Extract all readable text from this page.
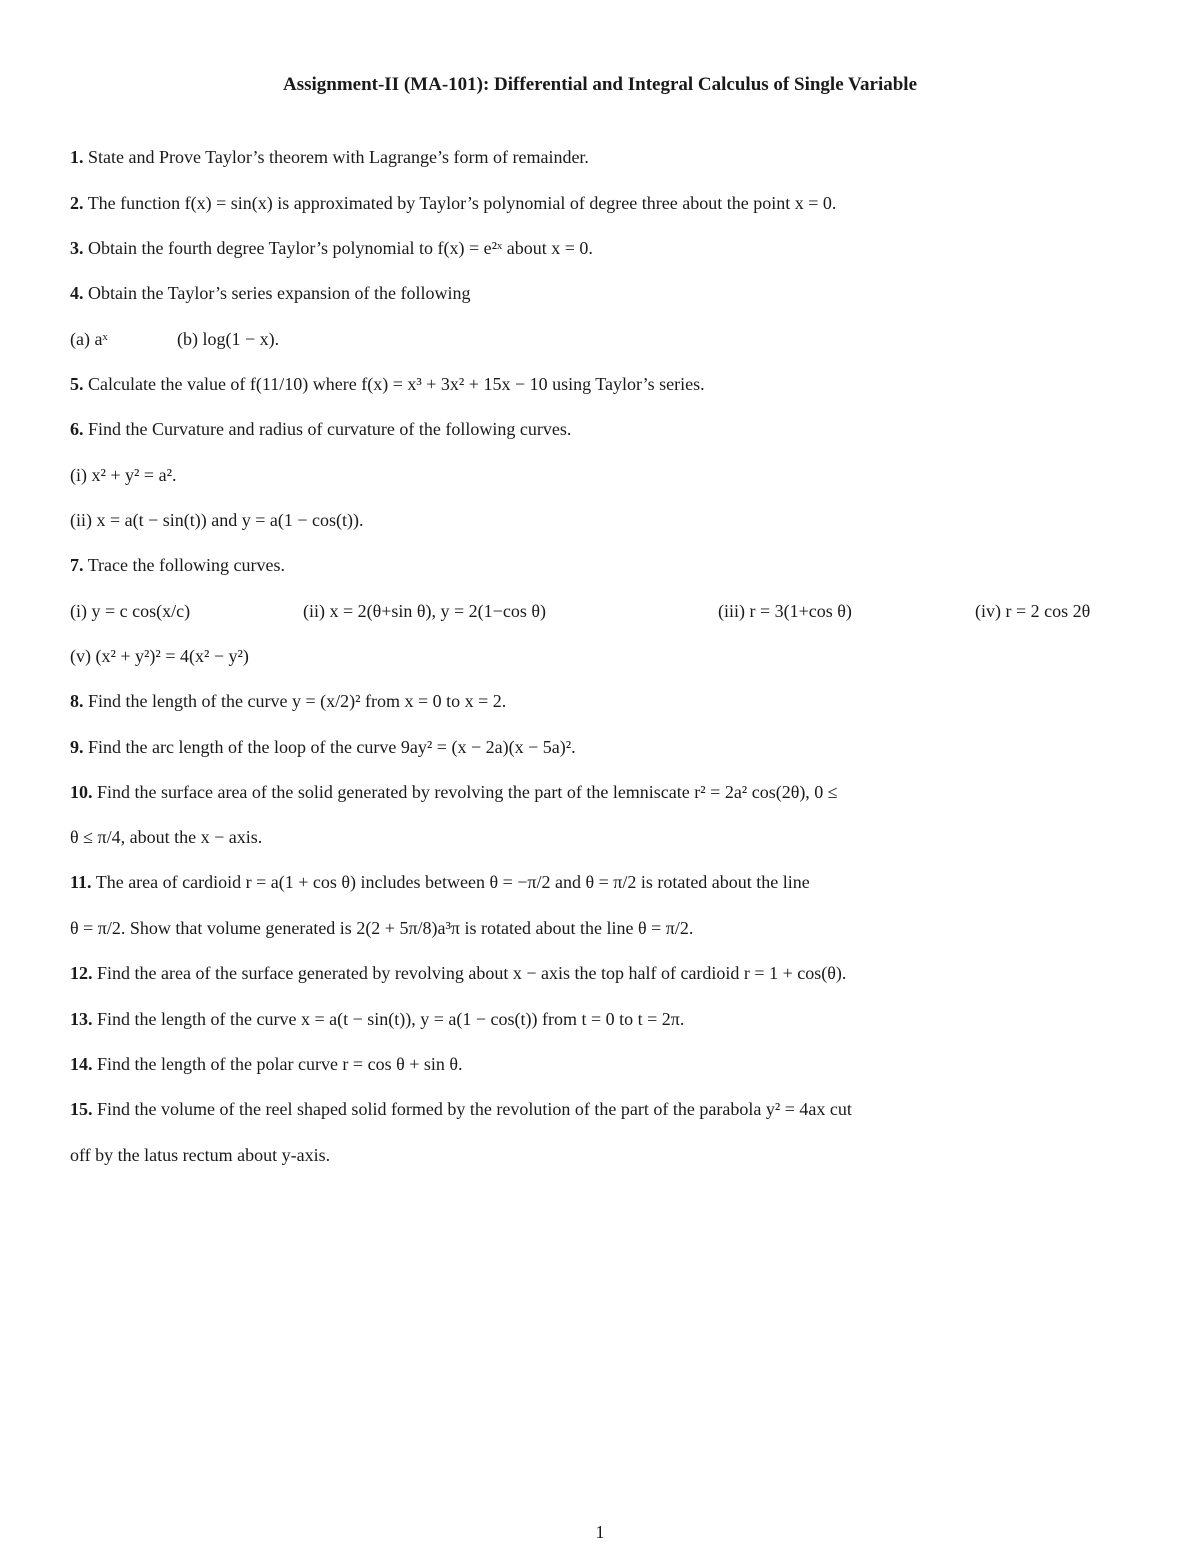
Assignment-II (MA-101): Differential and Integral Calculus of Single Variable
1. State and Prove Taylor’s theorem with Lagrange’s form of remainder.
2. The function f(x) = sin(x) is approximated by Taylor’s polynomial of degree three about the point x = 0.
3. Obtain the fourth degree Taylor’s polynomial to f(x) = e²ˣ about x = 0.
4. Obtain the Taylor’s series expansion of the following
(a) aˣ	(b) log(1 − x).
5. Calculate the value of f(11/10) where f(x) = x³ + 3x² + 15x − 10 using Taylor’s series.
6. Find the Curvature and radius of curvature of the following curves.
(i) x² + y² = a².
(ii) x = a(t − sin(t)) and y = a(1 − cos(t)).
7. Trace the following curves.
(i) y = c cos(x/c)	(ii) x = 2(θ+sin θ), y = 2(1−cos θ)	(iii) r = 3(1+cos θ)	(iv) r = 2 cos 2θ
(v) (x² + y²)² = 4(x² − y²)
8. Find the length of the curve y = (x/2)² from x = 0 to x = 2.
9. Find the arc length of the loop of the curve 9ay² = (x − 2a)(x − 5a)².
10. Find the surface area of the solid generated by revolving the part of the lemniscate r² = 2a² cos(2θ), 0 ≤
θ ≤ π/4, about the x − axis.
11. The area of cardioid r = a(1 + cos θ) includes between θ = −π/2 and θ = π/2 is rotated about the line
θ = π/2. Show that volume generated is 2(2 + 5π/8)a³π is rotated about the line θ = π/2.
12. Find the area of the surface generated by revolving about x − axis the top half of cardioid r = 1 + cos(θ).
13. Find the length of the curve x = a(t − sin(t)), y = a(1 − cos(t)) from t = 0 to t = 2π.
14. Find the length of the polar curve r = cos θ + sin θ.
15. Find the volume of the reel shaped solid formed by the revolution of the part of the parabola y² = 4ax cut
off by the latus rectum about y-axis.
1
